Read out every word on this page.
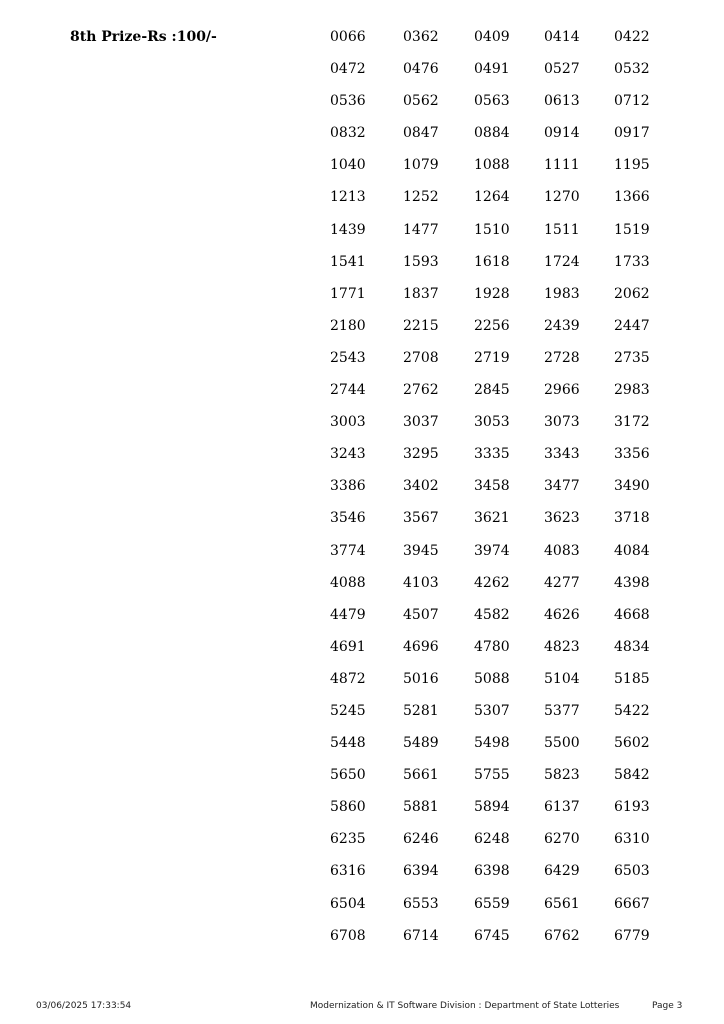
8th Prize-Rs :100/-	0066	0362	0409 0414 0422
0472	0476	0491 0527 0532
0536	0562	0563 0613 0712
0832	0847	0884 0914 0917
1040	1079	1088 1111 1195
1213	1252	1264 1270 1366
1439	1477	1510 1511 1519
1541	1593	1618 1724 1733
1771	1837	1928 1983 2062
2180	2215	2256 2439 2447
2543	2708	2719 2728 2735
2744	2762	2845 2966 2983
3003	3037	3053 3073 3172
3243	3295	3335 3343 3356
3386	3402	3458 3477 3490
3546	3567	3621 3623 3718
3774	3945	3974 4083 4084
4088	4103	4262 4277 4398
4479	4507	4582 4626 4668
4691	4696	4780 4823 4834
4872	5016	5088 5104 5185
5245	5281	5307 5377 5422
5448	5489	5498 5500 5602
5650	5661	5755 5823 5842
5860	5881	5894 6137 6193
6235	6246	6248 6270 6310
6316	6394	6398 6429 6503
6504	6553	6559 6561 6667
6708	6714	6745 6762 6779
03/06/2025 17:33:54	Modernization & IT Software Division : Department of State Lotteries	Page 3
